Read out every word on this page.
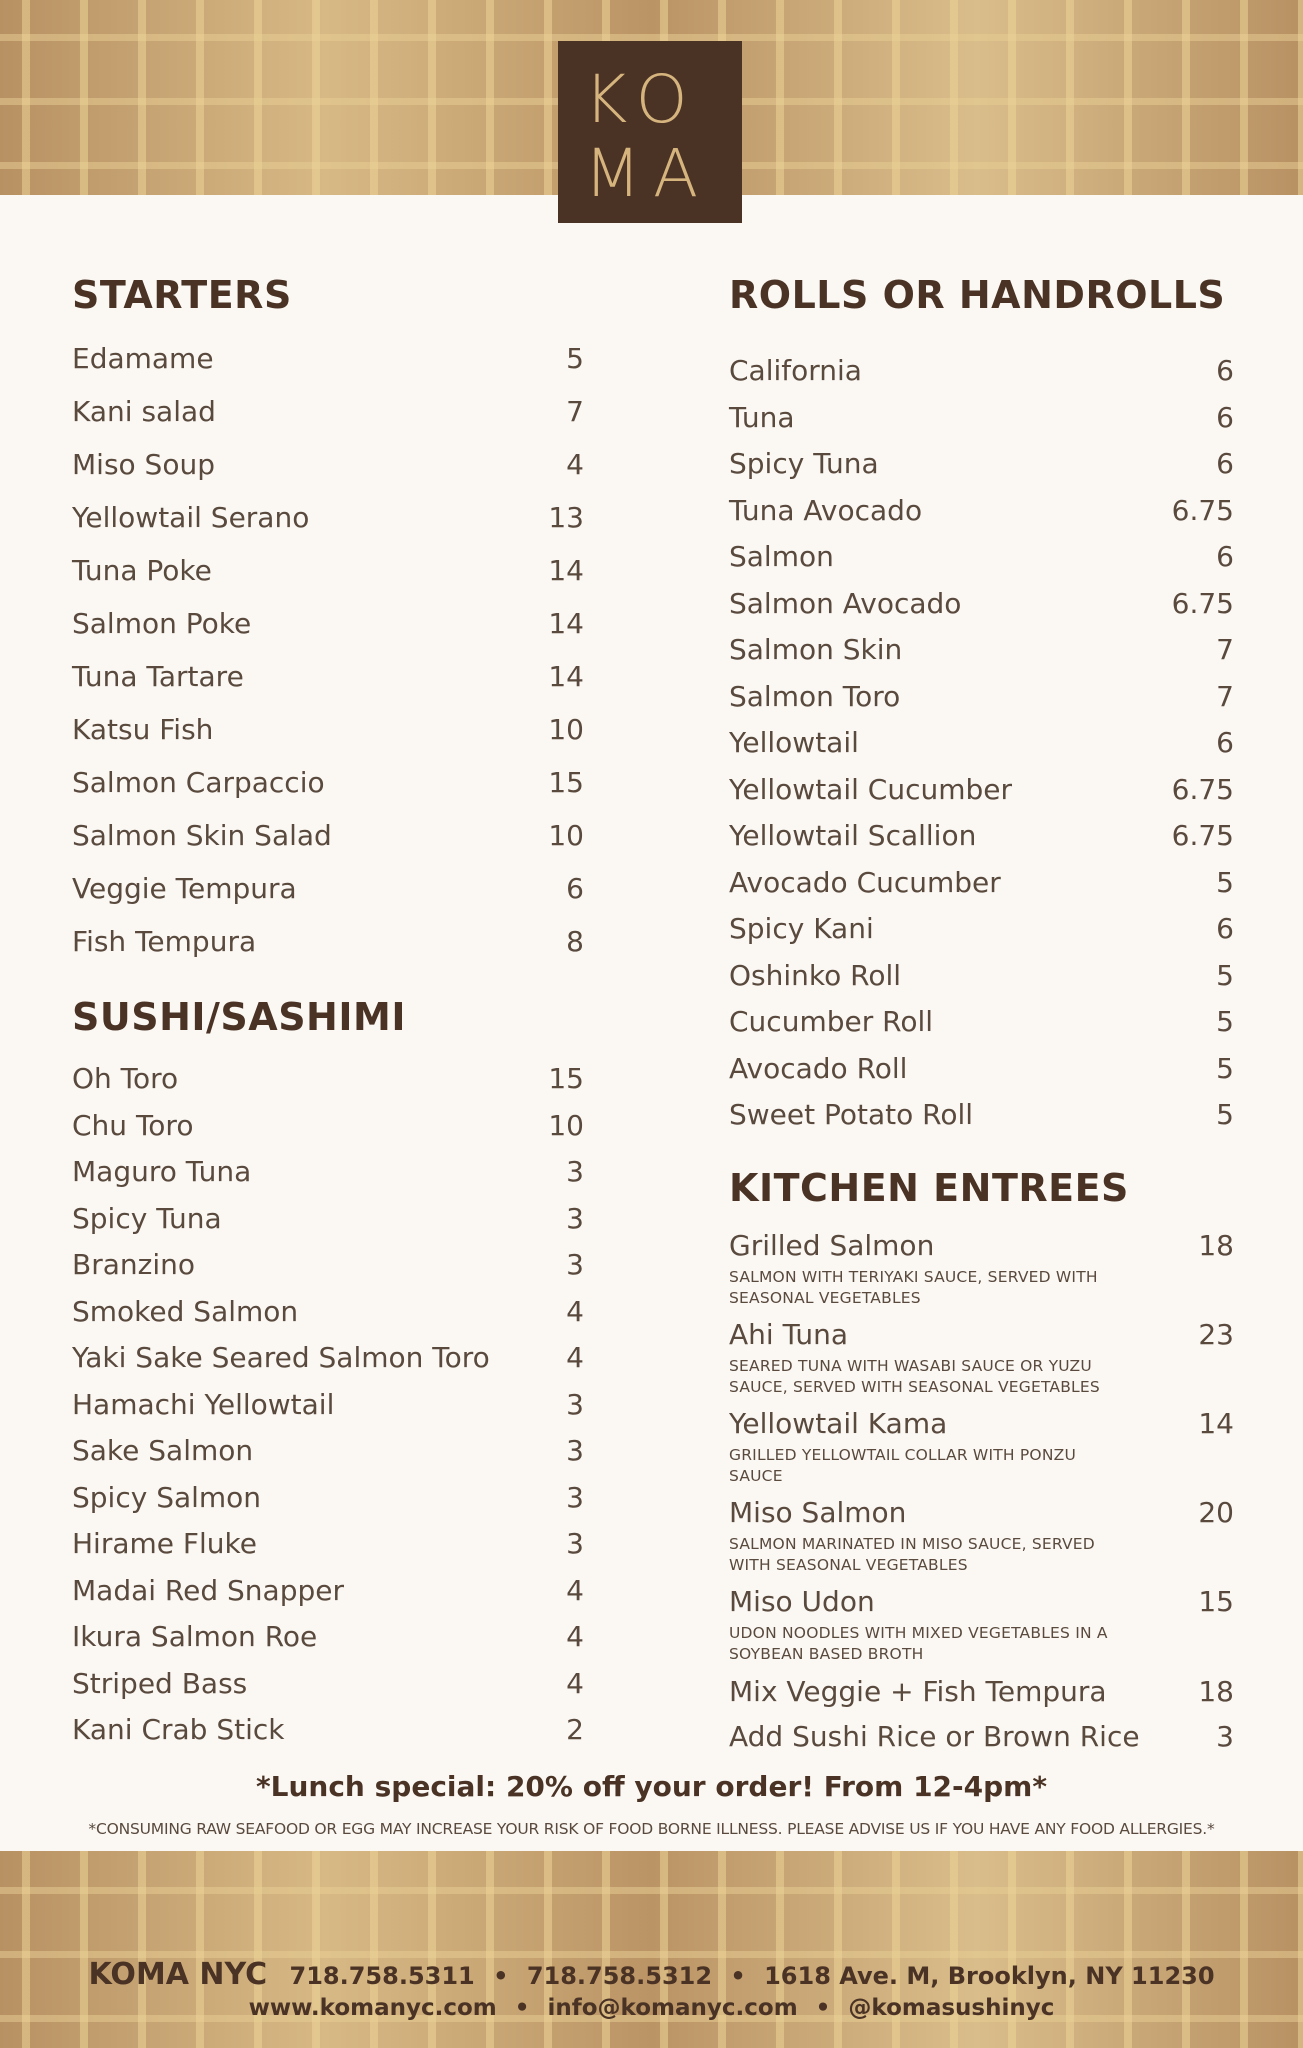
KO
MA
STARTERS
Edamame	5
Kani salad	7
Miso Soup	4
Yellowtail Serano	13
Tuna Poke	14
Salmon Poke	14
Tuna Tartare	14
Katsu Fish	10
Salmon Carpaccio	15
Salmon Skin Salad	10
Veggie Tempura	6
Fish Tempura	8
SUSHI/SASHIMI
Oh Toro	15
Chu Toro	10
Maguro Tuna	3
Spicy Tuna	3
Branzino	3
Smoked Salmon	4
Yaki Sake Seared Salmon Toro	4
Hamachi Yellowtail	3
Sake Salmon	3
Spicy Salmon	3
Hirame Fluke	3
Madai Red Snapper	4
Ikura Salmon Roe	4
Striped Bass	4
Kani Crab Stick	2
ROLLS OR HANDROLLS
California	6
Tuna	6
Spicy Tuna	6
Tuna Avocado	6.75
Salmon	6
Salmon Avocado	6.75
Salmon Skin	7
Salmon Toro	7
Yellowtail	6
Yellowtail Cucumber	6.75
Yellowtail Scallion	6.75
Avocado Cucumber	5
Spicy Kani	6
Oshinko Roll	5
Cucumber Roll	5
Avocado Roll	5
Sweet Potato Roll	5
KITCHEN ENTREES
Grilled Salmon	18
SALMON WITH TERIYAKI SAUCE, SERVED WITH SEASONAL VEGETABLES
Ahi Tuna	23
SEARED TUNA WITH WASABI SAUCE OR YUZU SAUCE, SERVED WITH SEASONAL VEGETABLES
Yellowtail Kama	14
GRILLED YELLOWTAIL COLLAR WITH PONZU SAUCE
Miso Salmon	20
SALMON MARINATED IN MISO SAUCE, SERVED WITH SEASONAL VEGETABLES
Miso Udon	15
UDON NOODLES WITH MIXED VEGETABLES IN A SOYBEAN BASED BROTH
Mix Veggie + Fish Tempura	18
Add Sushi Rice or Brown Rice	3
*Lunch special: 20% off your order! From 12-4pm*
*CONSUMING RAW SEAFOOD OR EGG MAY INCREASE YOUR RISK OF FOOD BORNE ILLNESS. PLEASE ADVISE US IF YOU HAVE ANY FOOD ALLERGIES.*
KOMA NYC 718.758.5311 • 718.758.5312 • 1618 Ave. M, Brooklyn, NY 11230
www.komanyc.com • info@komanyc.com • @komasushinyc
